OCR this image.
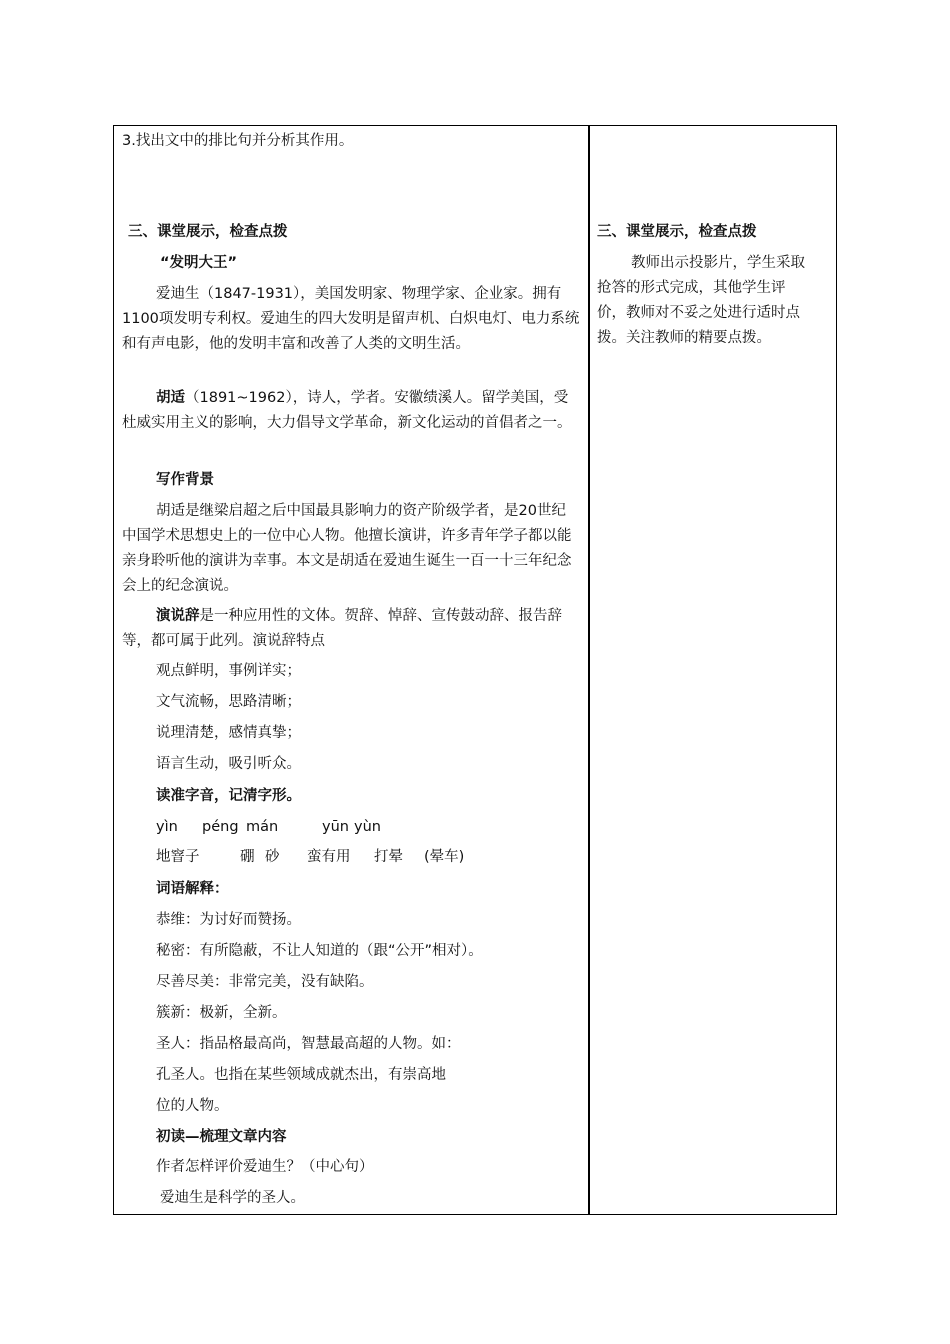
3.找出文中的排比句并分析其作用。
三、课堂展示，检查点拨
“发明大王”
爱迪生（1847-1931），美国发明家、物理学家、企业家。拥有1100项发明专利权。爱迪生的四大发明是留声机、白炽电灯、电力系统和有声电影，他的发明丰富和改善了人类的文明生活。
胡适（1891~1962），诗人，学者。安徽绩溪人。留学美国，受杜威实用主义的影响，大力倡导文学革命，新文化运动的首倡者之一。
写作背景
胡适是继梁启超之后中国最具影响力的资产阶级学者，是20世纪中国学术思想史上的一位中心人物。他擅长演讲，许多青年学子都以能亲身聆听他的演讲为幸事。本文是胡适在爱迪生诞生一百一十三年纪念会上的纪念演说。
演说辞是一种应用性的文体。贺辞、悼辞、宣传鼓动辞、报告辞等，都可属于此列。演说辞特点
观点鲜明，事例详实；
文气流畅，思路清晰；
说理清楚，感情真挚；
语言生动，吸引听众。
读准字音，记清字形。
yìn péng mán	yūn yùn
地窨子	硼 砂 蛮有用 打晕 (晕车)
词语解释：
恭维：为讨好而赞扬。
秘密：有所隐蔽，不让人知道的（跟“公开”相对）。
尽善尽美：非常完美，没有缺陷。
簇新：极新，全新。
圣人：指品格最高尚，智慧最高超的人物。如：
孔圣人。也指在某些领域成就杰出，有崇高地
位的人物。
初读—梳理文章内容
作者怎样评价爱迪生？（中心句）
爱迪生是科学的圣人。
三、课堂展示，检查点拨
教师出示投影片，学生采取抢答的形式完成，其他学生评价，教师对不妥之处进行适时点拨。关注教师的精要点拨。
